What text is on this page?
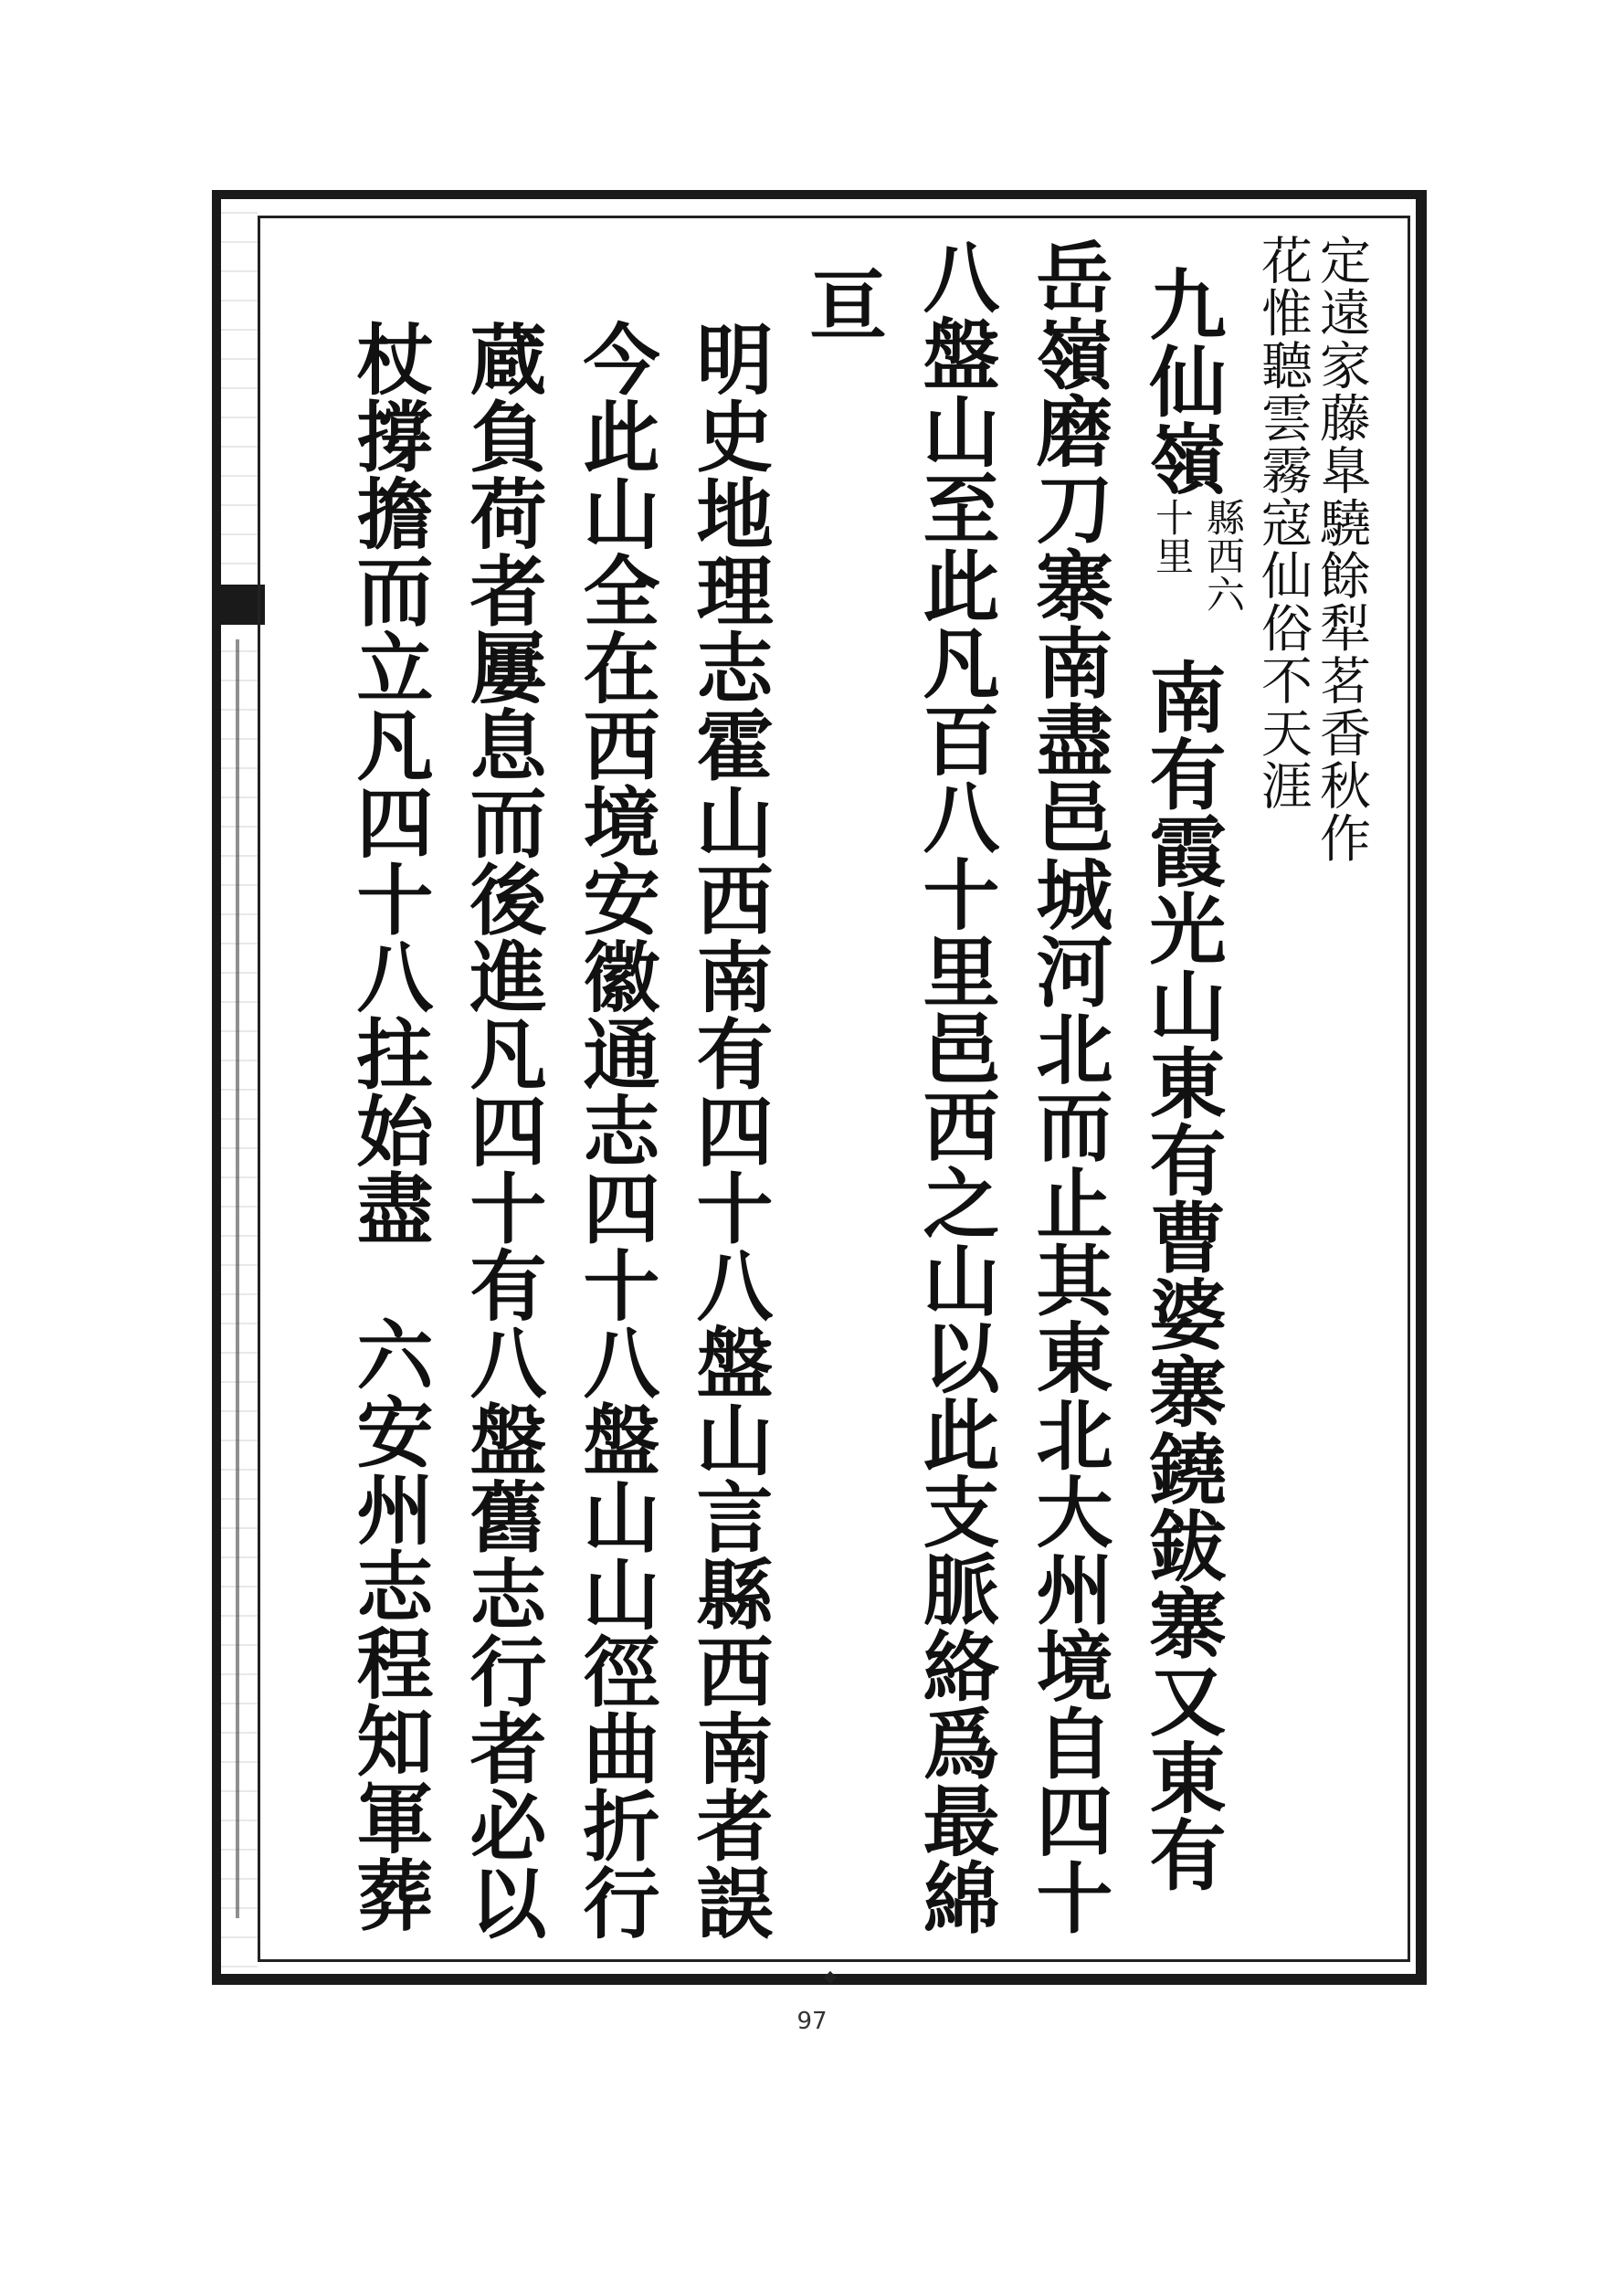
定遠家藤臯驍餘犁茗香秋作
花惟聽雲霧寇仙俗不天涯
九仙嶺
縣西六
十里
南有霞光山東有曹婆寨鐃鈸寨又東有
岳嶺磨刀寨南盡邑城河北而止其東北大州境自四十
八盤山至此凡百八十里邑西之山以此支脈絡爲最綿
亘
明史地理志霍山西南有四十八盤山言縣西南者誤
今此山全在西境安徽通志四十八盤山山徑曲折行
蔵負荷者屢息而後進凡四十有八盤舊志行者必以
杖撐擔而立凡四十八拄始盡
六安州志程知軍葬
97
